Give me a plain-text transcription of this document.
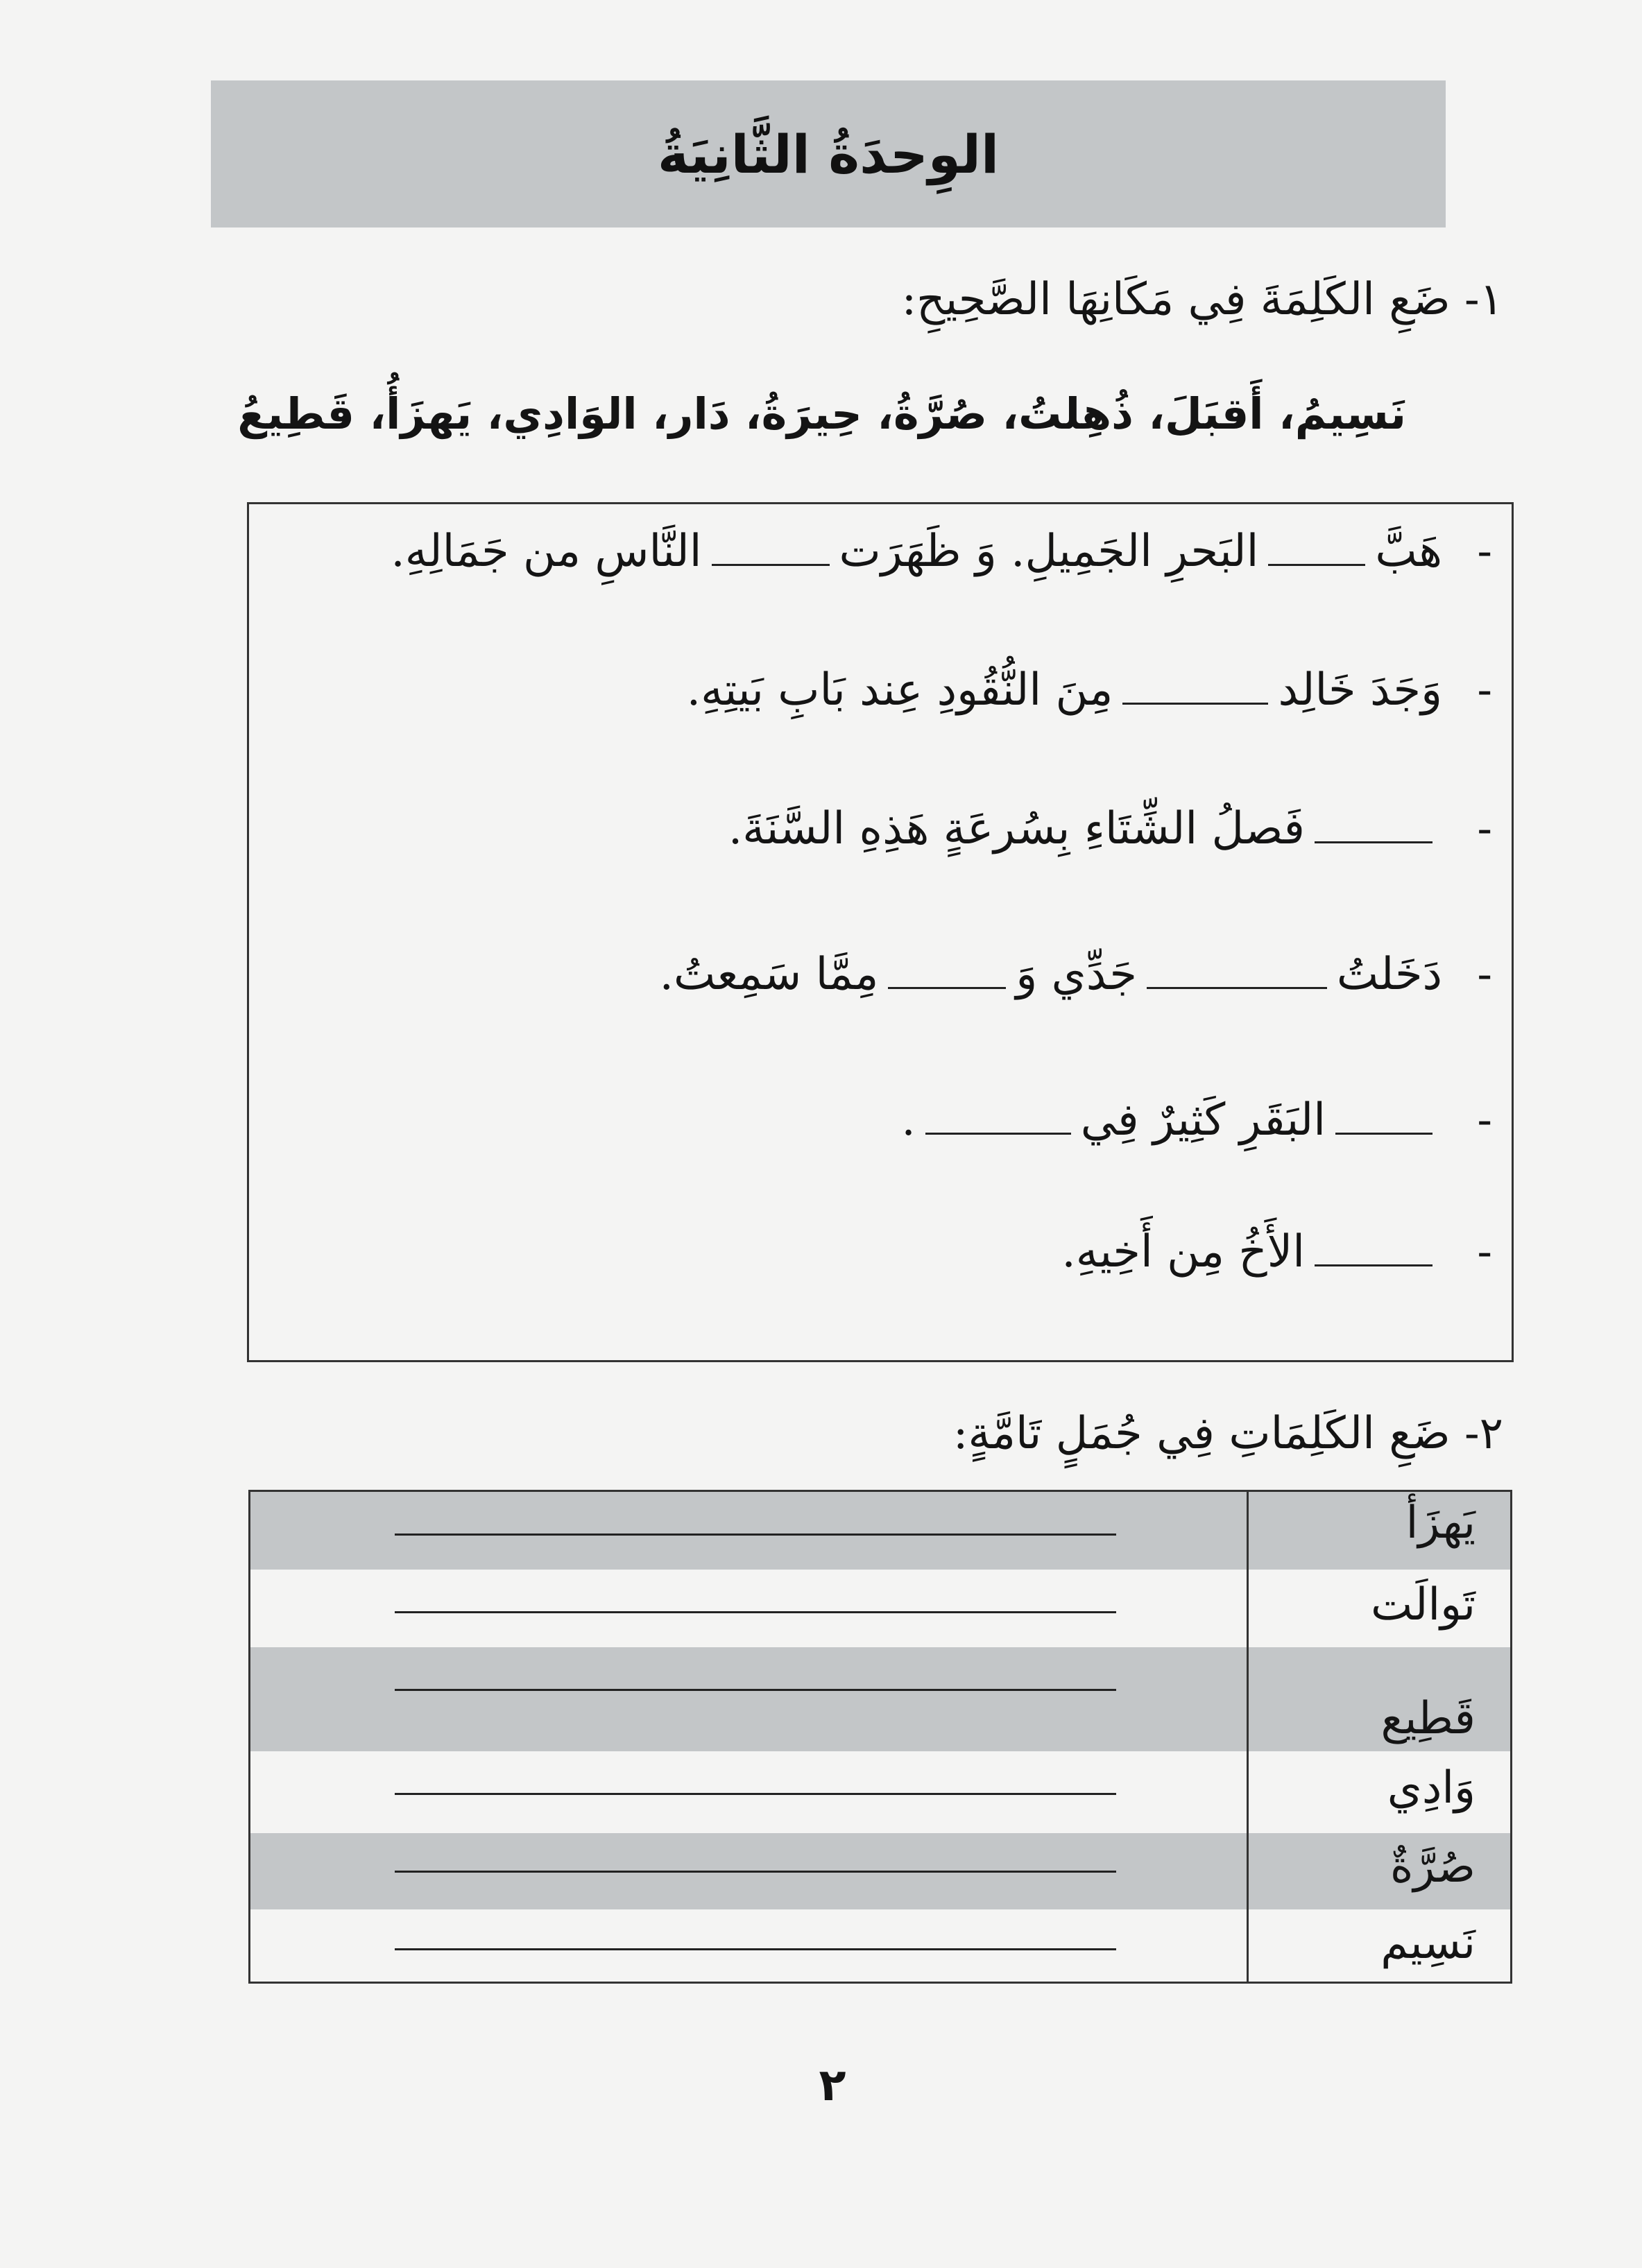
الوِحدَةُ الثَّانِيَةُ
١- ضَعِ الكَلِمَةَ فِي مَكَانِهَا الصَّحِيحِ:
نَسِيمُ، أَقبَلَ، ذُهِلتُ، صُرَّةُ، حِيرَةُ، دَار، الوَادِي، يَهزَأُ، قَطِيعُ
-
هَبَّالبَحرِ الجَمِيلِ. وَ ظَهَرَتالنَّاسِ من جَمَالِهِ.
-
وَجَدَ خَالِدمِنَ النُّقُودِ عِند بَابِ بَيتِهِ.
-
فَصلُ الشِّتَاءِ بِسُرعَةٍ هَذِهِ السَّنَةَ.
-
دَخَلتُجَدِّي وَمِمَّا سَمِعتُ.
-
البَقَرِ كَثِيرٌ فِي.
-
الأَخُ مِن أَخِيهِ.
٢- ضَعِ الكَلِمَاتِ فِي جُمَلٍ تَامَّةٍ:
يَهزَأ
تَوالَت
قَطِيع
وَادِي
صُرَّةٌ
نَسِيم
٢
